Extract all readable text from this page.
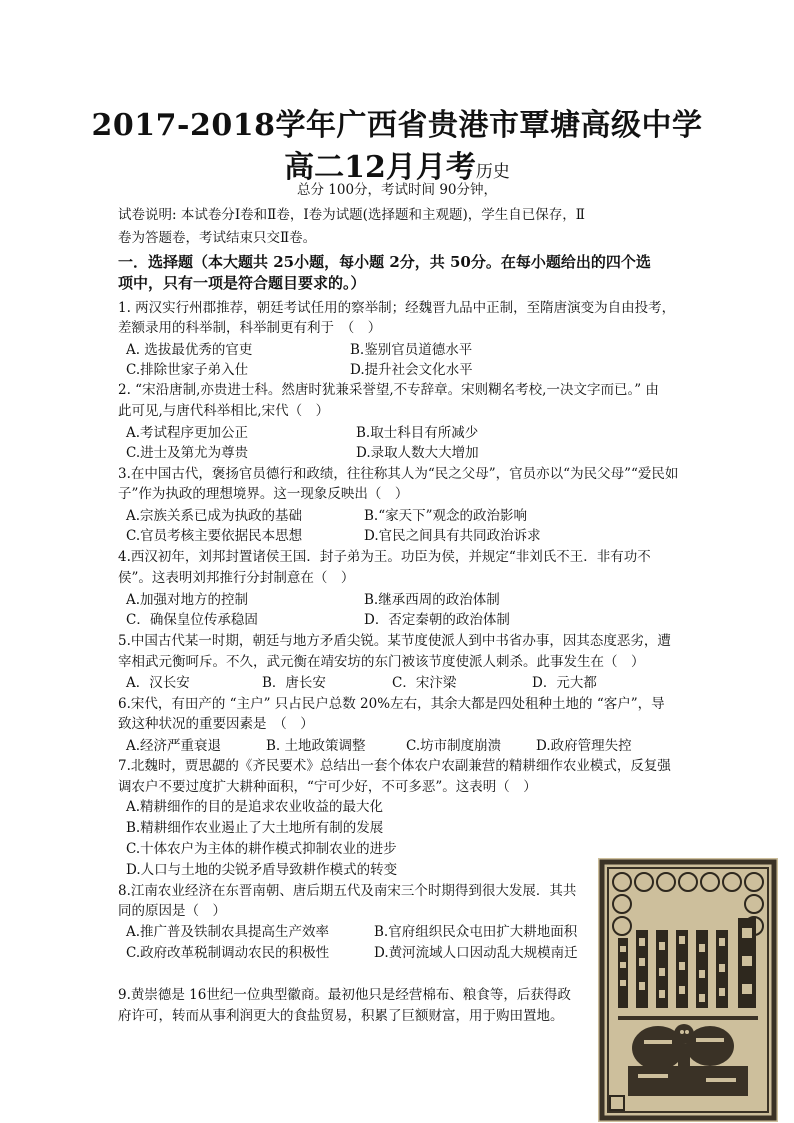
2017-2018学年广西省贵港市覃塘高级中学
高二12月月考历史
总分 100分，考试时间 90分钟，
试卷说明: 本试卷分Ⅰ卷和Ⅱ卷，Ⅰ卷为试题(选择题和主观题)，学生自已保存，Ⅱ
卷为答题卷，考试结束只交Ⅱ卷。
一．选择题（本大题共 25小题，每小题 2分，共 50分。在每小题给出的四个选
项中，只有一项是符合题目要求的。）
1. 两汉实行州郡推荐，朝廷考试任用的察举制；经魏晋九品中正制，至隋唐演变为自由投考，
差额录用的科举制，科举制更有利于　（　）
A. 选拔最优秀的官吏	B.鉴别官员道德水平
C.排除世家子弟入仕	D.提升社会文化水平
2. “宋沿唐制,亦贵进士科。然唐时犹兼采誉望,不专辞章。宋则糊名考校,一决文字而已。” 由
此可见,与唐代科举相比,宋代（　）
A.考试程序更加公正	B.取士科目有所减少
C.进士及第尤为尊贵	D.录取人数大大增加
3.在中国古代，褒扬官员德行和政绩，往往称其人为“民之父母”，官员亦以“为民父母”“爱民如
子”作为执政的理想境界。这一现象反映出（　）
A.宗族关系已成为执政的基础	B.“家天下”观念的政治影响
C.官员考核主要依据民本思想	D.官民之间具有共同政治诉求
4.西汉初年，刘邦封置诸侯王国．封子弟为王。功臣为侯，并规定“非刘氏不王．非有功不
侯”。这表明刘邦推行分封制意在（　）
A.加强对地方的控制	B.继承西周的政治体制
C．确保皇位传承稳固	D．否定秦朝的政治体制
5.中国古代某一时期，朝廷与地方矛盾尖锐。某节度使派人到中书省办事，因其态度恶劣，遭
宰相武元衡呵斥。不久，武元衡在靖安坊的东门被该节度使派人刺杀。此事发生在（　）
A．汉长安	B．唐长安	C．宋汴梁	D．元大都
6.宋代，有田产的 “主户” 只占民户总数 20%左右，其余大都是四处租种土地的 “客户”，导
致这种状况的重要因素是　（　）
A.经济严重衰退	B. 土地政策调整	C.坊市制度崩溃	D.政府管理失控
7.北魏时，贾思勰的《齐民要术》总结出一套个体农户农副兼营的精耕细作农业模式，反复强
调农户不要过度扩大耕种面积，“宁可少好，不可多恶”。这表明（　）
A.精耕细作的目的是追求农业收益的最大化
B.精耕细作农业遏止了大土地所有制的发展
C.十体农户为主体的耕作模式抑制农业的进步
D.人口与土地的尖锐矛盾导致耕作模式的转变
8.江南农业经济在东晋南朝、唐后期五代及南宋三个时期得到很大发展．其共
同的原因是（　）
A.推广普及铁制农具提高生产效率	B.官府组织民众屯田扩大耕地面积
C.政府改革税制调动农民的积极性	D.黄河流域人口因动乱大规模南迁
9.黄崇德是 16世纪一位典型徽商。最初他只是经营棉布、粮食等，后获得政
府许可，转而从事利润更大的食盐贸易，积累了巨额财富，用于购田置地。
